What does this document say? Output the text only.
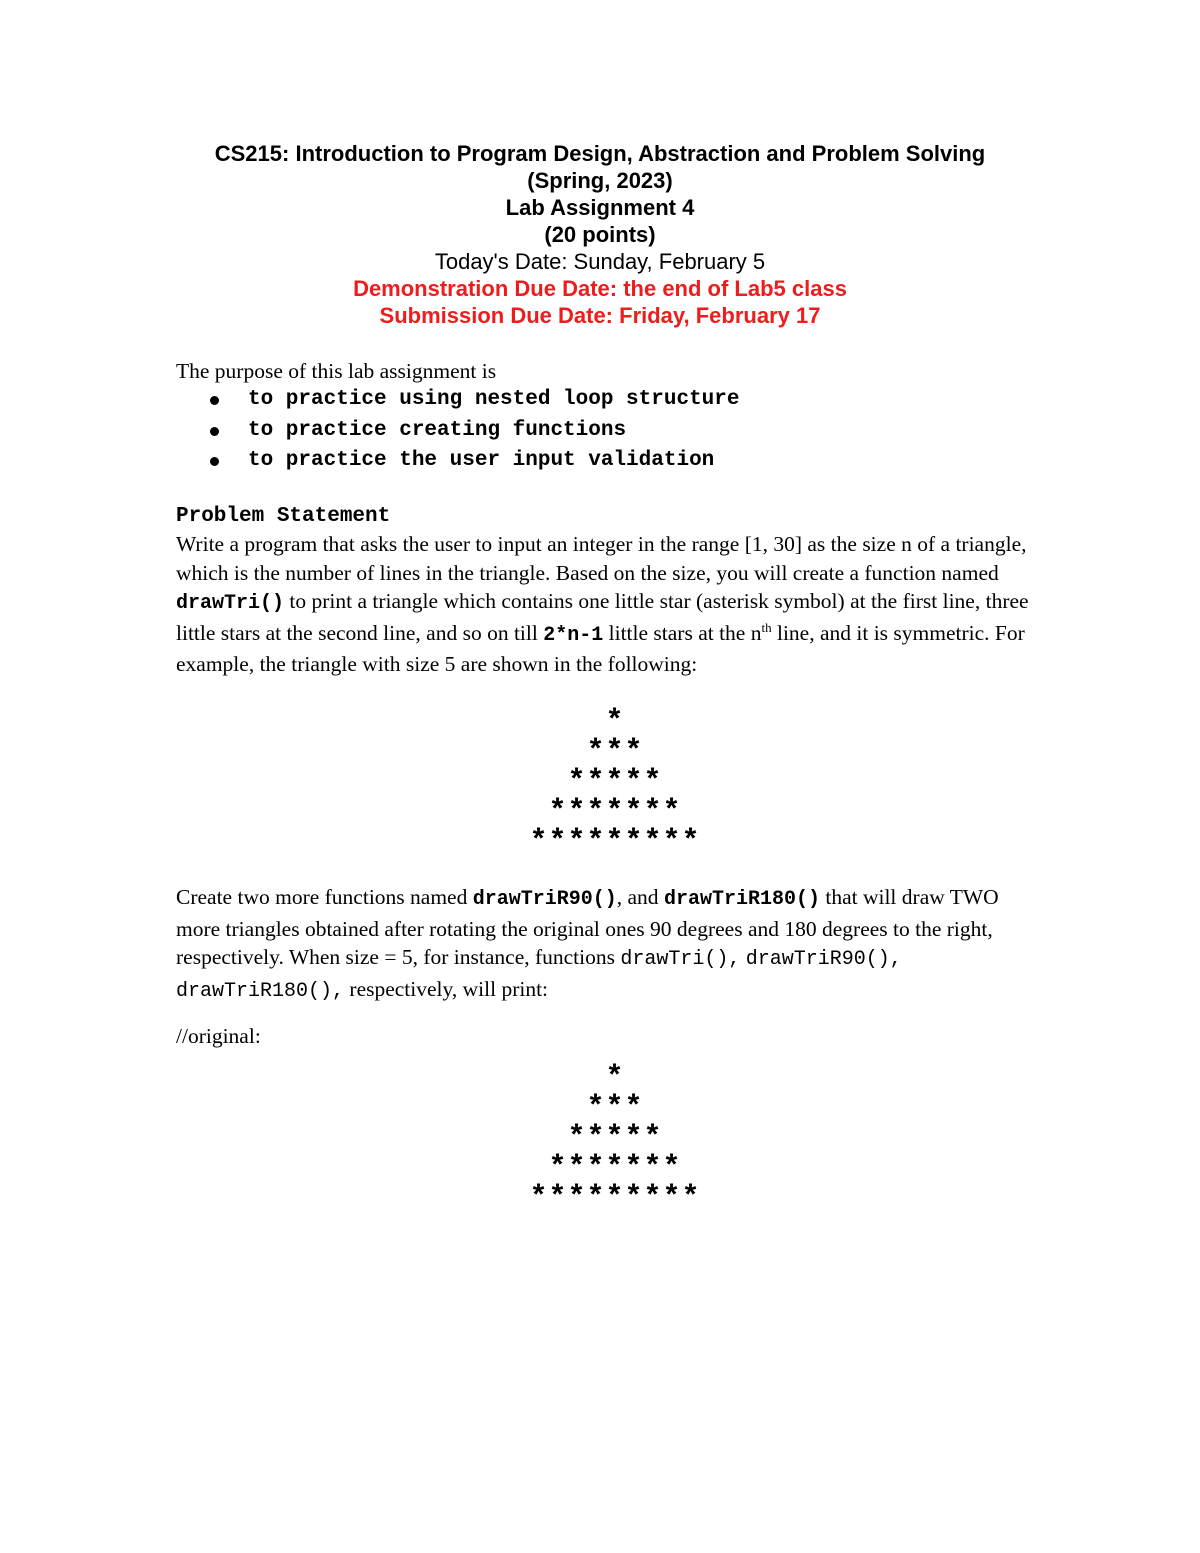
CS215: Introduction to Program Design, Abstraction and Problem Solving
(Spring, 2023)
Lab Assignment 4
(20 points)
Today's Date: Sunday, February 5
Demonstration Due Date: the end of Lab5 class
Submission Due Date: Friday, February 17
The purpose of this lab assignment is
to practice using nested loop structure
to practice creating functions
to practice the user input validation
Problem Statement
Write a program that asks the user to input an integer in the range [1, 30] as the size n of a triangle, which is the number of lines in the triangle. Based on the size, you will create a function named drawTri() to print a triangle which contains one little star (asterisk symbol) at the first line, three little stars at the second line, and so on till 2*n-1 little stars at the $n^{th}$ line, and it is symmetric. For example, the triangle with size 5 are shown in the following:
*
***
*****
*******
*********
Create two more functions named drawTriR90(), and drawTriR180() that will draw TWO more triangles obtained after rotating the original ones 90 degrees and 180 degrees to the right, respectively. When size = 5, for instance, functions drawTri(), drawTriR90(), drawTriR180(), respectively, will print:
//original:
*
***
*****
*******
*********
